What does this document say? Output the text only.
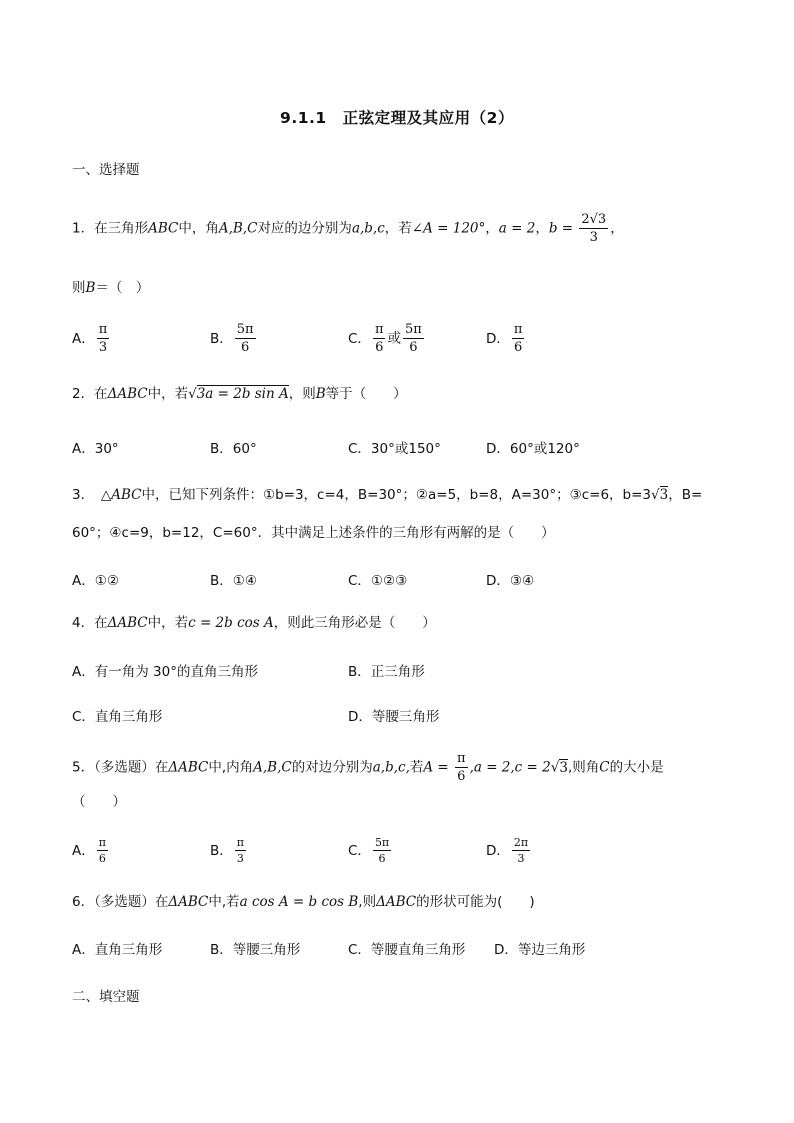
9.1.1　正弦定理及其应用（2）
一、选择题
1．在三角形ABC中，角A,B,C对应的边分别为a,b,c，若∠A = 120°，a = 2，$b = \frac{2√3}{3}$ ，
则B＝（　）
A． $\frac{\pi}{3}$	B． $\frac{5\pi}{6}$	C． $\frac{\pi}{6}$ 或 $\frac{5\pi}{6}$	D． $\frac{\pi}{6}$
2．在ΔABC中，若√3a = 2b sin A，则B等于（　　）
A．30°	B．60°	C．30°或150°	D．60°或120°
3．　△ABC中，已知下列条件：①b=3，c=4，B=30°；②a=5，b=8，A=30°；③c=6，b=3√3，B=
60°；④c=9，b=12，C=60°．其中满足上述条件的三角形有两解的是（　　）
A．①②	B．①④	C．①②③	D．③④
4．在ΔABC中，若c = 2b cos A，则此三角形必是（　　）
A．有一角为 30°的直角三角形	B．正三角形
C．直角三角形	D．等腰三角形
5．（多选题）在ΔABC中,内角A,B,C的对边分别为a,b,c,若$A = \frac{\pi}{6} ,a = 2,c = 2√3$,则角C的大小是
（　　）
A． $\frac{\pi}{6}$	B． $\frac{\pi}{3}$	C． $\frac{5\pi}{6}$	D． $\frac{2\pi}{3}$
6．（多选题）在ΔABC中,若a cos A = b cos B,则ΔABC的形状可能为(　　)
A．直角三角形	B．等腰三角形	C．等腰直角三角形 D．等边三角形
二、填空题
